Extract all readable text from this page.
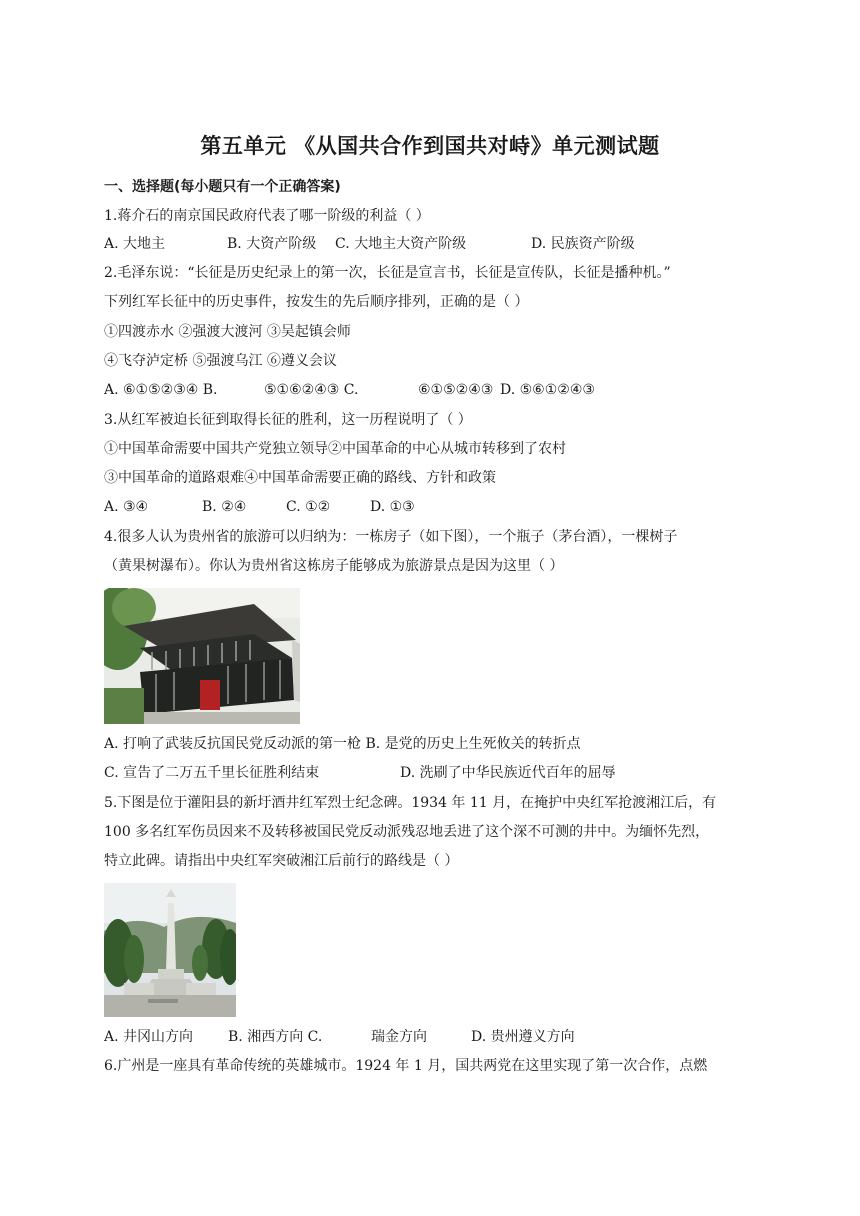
第五单元 《从国共合作到国共对峙》单元测试题
一、选择题(每小题只有一个正确答案)
1.蒋介石的南京国民政府代表了哪一阶级的利益（ ）
A. 大地主	B. 大资产阶级 C. 大地主大资产阶级	D. 民族资产阶级
2.毛泽东说：“长征是历史纪录上的第一次，长征是宣言书，长征是宣传队，长征是播种机。”
下列红军长征中的历史事件，按发生的先后顺序排列，正确的是（ ）
①四渡赤水 ②强渡大渡河 ③吴起镇会师
④飞夺泸定桥 ⑤强渡乌江 ⑥遵义会议
A. ⑥①⑤②③④ B.	⑤①⑥②④③ C.	⑥①⑤②④③ D. ⑤⑥①②④③
3.从红军被迫长征到取得长征的胜利，这一历程说明了（ ）
①中国革命需要中国共产党独立领导②中国革命的中心从城市转移到了农村
③中国革命的道路艰难④中国革命需要正确的路线、方针和政策
A. ③④	B. ②④	C. ①②	D. ①③
4.很多人认为贵州省的旅游可以归纳为：一栋房子（如下图），一个瓶子（茅台酒），一棵树子
（黄果树瀑布）。你认为贵州省这栋房子能够成为旅游景点是因为这里（ ）
A. 打响了武装反抗国民党反动派的第一枪 B. 是党的历史上生死攸关的转折点
C. 宣告了二万五千里长征胜利结束	D. 洗刷了中华民族近代百年的屈辱
5.下图是位于灌阳县的新圩酒井红军烈士纪念碑。1934 年 11 月，在掩护中央红军抢渡湘江后，有
100 多名红军伤员因来不及转移被国民党反动派残忍地丢进了这个深不可测的井中。为缅怀先烈，
特立此碑。请指出中央红军突破湘江后前行的路线是（ ）
A. 井冈山方向 B. 湘西方向 C.	瑞金方向	D. 贵州遵义方向
6.广州是一座具有革命传统的英雄城市。1924 年 1 月，国共两党在这里实现了第一次合作，点燃
